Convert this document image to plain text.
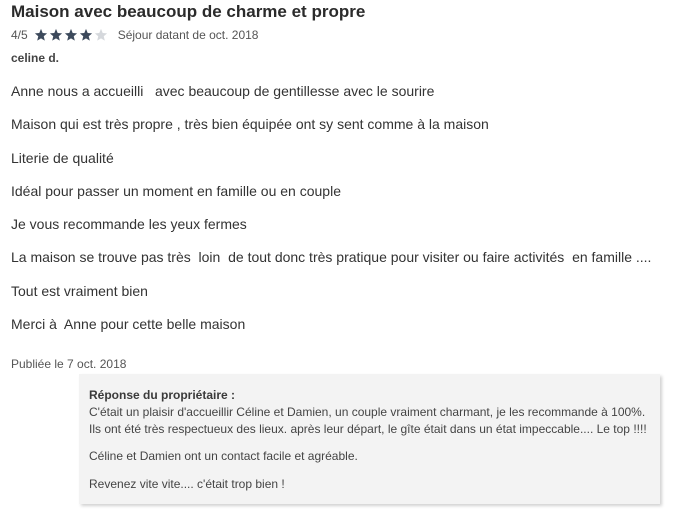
Maison avec beaucoup de charme et propre
4/5	Séjour datant de oct. 2018
celine d.
Anne nous a accueilli   avec beaucoup de gentillesse avec le sourire
Maison qui est très propre , très bien équipée ont sy sent comme à la maison
Literie de qualité
Idéal pour passer un moment en famille ou en couple
Je vous recommande les yeux fermes
La maison se trouve pas très  loin  de tout donc très pratique pour visiter ou faire activités  en famille ....
Tout est vraiment bien
Merci à  Anne pour cette belle maison
Publiée le 7 oct. 2018
Réponse du propriétaire :
C'était un plaisir d'accueillir Céline et Damien, un couple vraiment charmant, je les recommande à 100%. Ils ont été très respectueux des lieux. après leur départ, le gîte était dans un état impeccable.... Le top !!!!
Céline et Damien ont un contact facile et agréable.
Revenez vite vite.... c'était trop bien !
